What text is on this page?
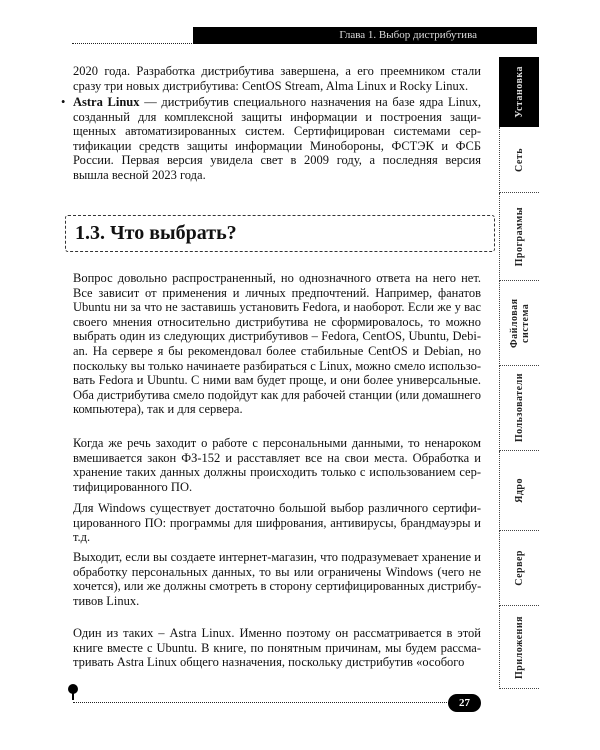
Глава 1. Выбор дистрибутива
2020 года. Разработка дистрибутива завершена, а его преемником стали
сразу три новых дистрибутива: CentOS Stream, Alma Linux и Rocky Linux.
• Astra Linux — дистрибутив специального назначения на базе ядра Linux,
созданный для комплексной защиты информации и построения защи-
щенных автоматизированных систем. Сертифицирован системами сер-
тификации средств защиты информации Минобороны, ФСТЭК и ФСБ
России. Первая версия увидела свет в 2009 году, а последняя версия
вышла весной 2023 года.
1.3. Что выбрать?
Вопрос довольно распространенный, но однозначного ответа на него нет.
Все зависит от применения и личных предпочтений. Например, фанатов
Ubuntu ни за что не заставишь установить Fedora, и наоборот. Если же у вас
своего мнения относительно дистрибутива не сформировалось, то можно
выбрать один из следующих дистрибутивов – Fedora, CentOS, Ubuntu, Debi-
an. На сервере я бы рекомендовал более стабильные CentOS и Debian, но
поскольку вы только начинаете разбираться с Linux, можно смело использо-
вать Fedora и Ubuntu. С ними вам будет проще, и они более универсальные.
Оба дистрибутива смело подойдут как для рабочей станции (или домашнего
компьютера), так и для сервера.
Когда же речь заходит о работе с персональными данными, то ненароком
вмешивается закон ФЗ-152 и расставляет все на свои места. Обработка и
хранение таких данных должны происходить только с использованием сер-
тифицированного ПО.
Для Windows существует достаточно большой выбор различного сертифи-
цированного ПО: программы для шифрования, антивирусы, брандмауэры и
т.д.
Выходит, если вы создаете интернет-магазин, что подразумевает хранение и
обработку персональных данных, то вы или ограничены Windows (чего не
хочется), или же должны смотреть в сторону сертифицированных дистрибу-
тивов Linux.
Один из таких – Astra Linux. Именно поэтому он рассматривается в этой
книге вместе с Ubuntu. В книге, по понятным причинам, мы будем рассма-
тривать Astra Linux общего назначения, поскольку дистрибутив «особого
Установка
Сеть
Программы
Файловая система
Пользователи
Ядро
Сервер
Приложения
27
